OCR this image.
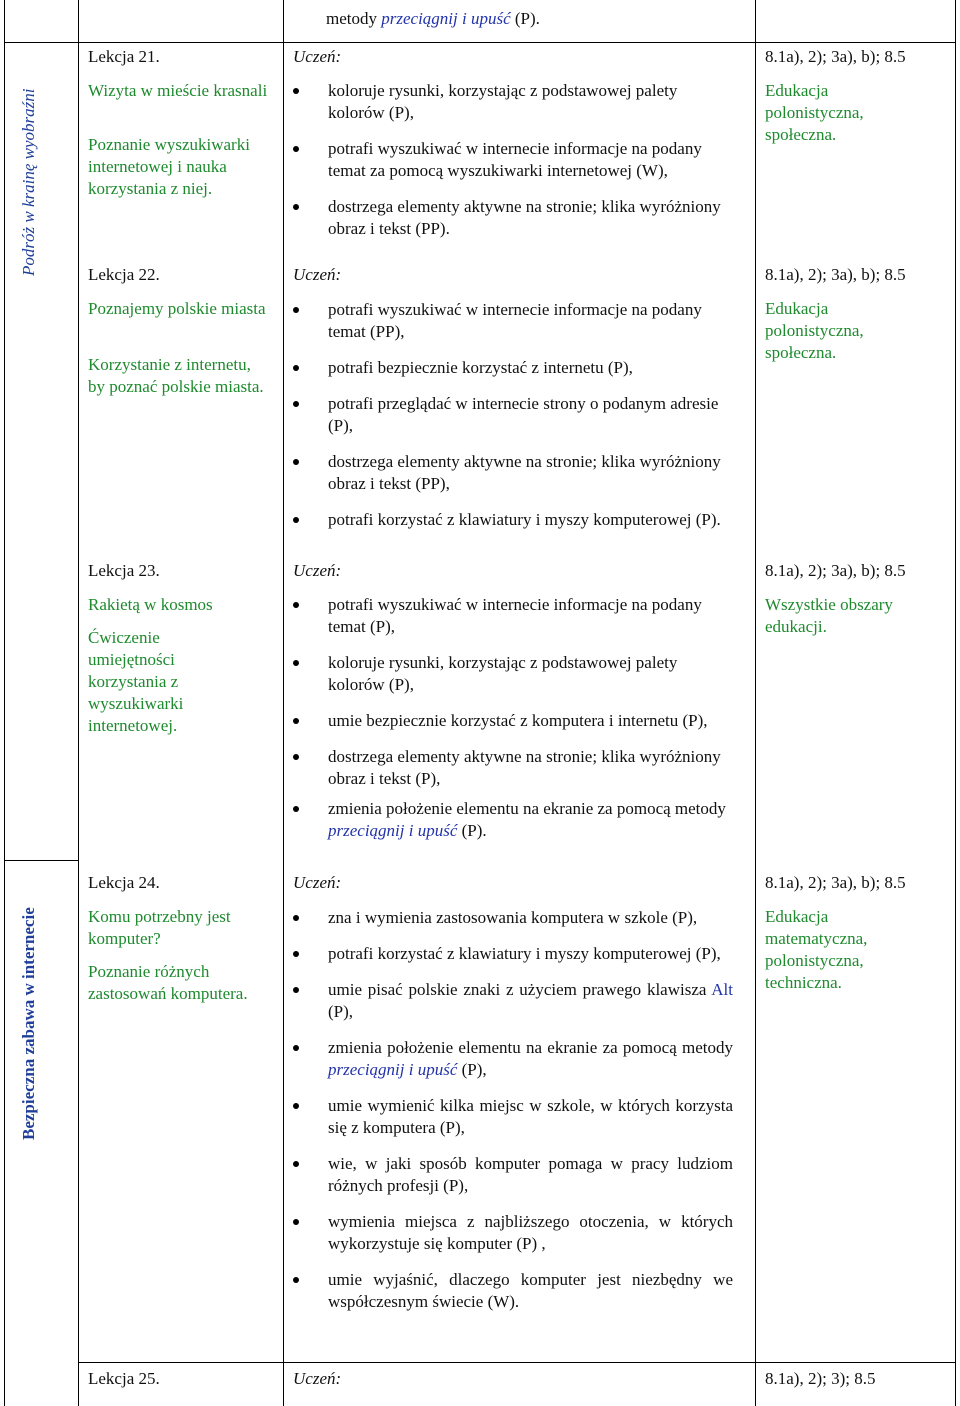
metody przeciągnij i upuść (P).
Podróż w krainę wyobraźni
Bezpieczna zabawa w internecie
Lekcja 21.
Wizyta w mieście krasnali
Poznanie wyszukiwarki internetowej i nauka korzystania z niej.
Uczeń:
koloruje rysunki, korzystając z podstawowej palety kolorów (P),
potrafi wyszukiwać w internecie informacje na podany temat za pomocą wyszukiwarki internetowej (W),
dostrzega elementy aktywne na stronie; klika wyróżniony obraz i tekst (PP).
8.1a), 2); 3a), b); 8.5
Edukacja polonistyczna, społeczna.
Lekcja 22.
Poznajemy polskie miasta
Korzystanie z internetu, by poznać polskie miasta.
Uczeń:
potrafi wyszukiwać w internecie informacje na podany temat (PP),
potrafi bezpiecznie korzystać z internetu (P),
potrafi przeglądać w internecie strony o podanym adresie (P),
dostrzega elementy aktywne na stronie; klika wyróżniony obraz i tekst (PP),
potrafi korzystać z klawiatury i myszy komputerowej (P).
8.1a), 2); 3a), b); 8.5
Edukacja polonistyczna, społeczna.
Lekcja 23.
Rakietą w kosmos
Ćwiczenie umiejętności korzystania z wyszukiwarki internetowej.
Uczeń:
potrafi wyszukiwać w internecie informacje na podany temat (P),
koloruje rysunki, korzystając z podstawowej palety kolorów (P),
umie bezpiecznie korzystać z komputera i internetu (P),
dostrzega elementy aktywne na stronie; klika wyróżniony obraz i tekst (P),
zmienia położenie elementu na ekranie za pomocą metody przeciągnij i upuść (P).
8.1a), 2); 3a), b); 8.5
Wszystkie obszary edukacji.
Lekcja 24.
Komu potrzebny jest komputer?
Poznanie różnych zastosowań komputera.
Uczeń:
zna i wymienia zastosowania komputera w szkole (P),
potrafi korzystać z klawiatury i myszy komputerowej (P),
umie pisać polskie znaki z użyciem prawego klawisza Alt (P),
zmienia położenie elementu na ekranie za pomocą metody przeciągnij i upuść (P),
umie wymienić kilka miejsc w szkole, w których korzysta się z komputera (P),
wie, w jaki sposób komputer pomaga w pracy ludziom różnych profesji (P),
wymienia miejsca z najbliższego otoczenia, w których wykorzystuje się komputer (P) ,
umie wyjaśnić, dlaczego komputer jest niezbędny we współczesnym świecie (W).
8.1a), 2); 3a), b); 8.5
Edukacja matematyczna, polonistyczna, techniczna.
Lekcja 25.	Uczeń:	8.1a), 2); 3); 8.5
